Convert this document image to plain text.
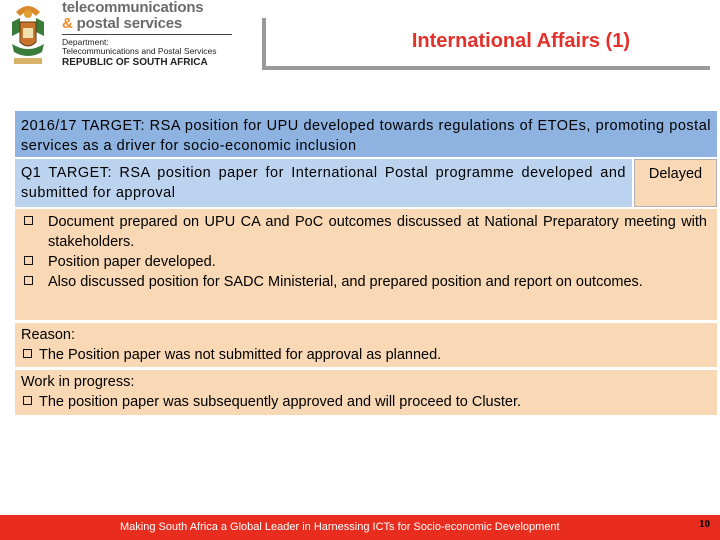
telecommunications
& postal services
Department:
Telecommunications and Postal Services
REPUBLIC OF SOUTH AFRICA
International Affairs (1)
2016/17 TARGET: RSA position for UPU developed towards regulations of ETOEs, promoting postal services as a driver for socio-economic inclusion
Q1 TARGET: RSA position paper for International Postal programme developed and submitted for approval
Delayed
Document prepared on UPU CA and PoC outcomes discussed at National Preparatory meeting with stakeholders.
Position paper developed.
Also discussed position for SADC Ministerial, and prepared position and report on outcomes.
Reason:
The Position paper was not submitted for approval as planned.
Work in progress:
The position paper was subsequently approved and will proceed to Cluster.
Making South Africa a Global Leader in Harnessing ICTs for Socio-economic Development	10
